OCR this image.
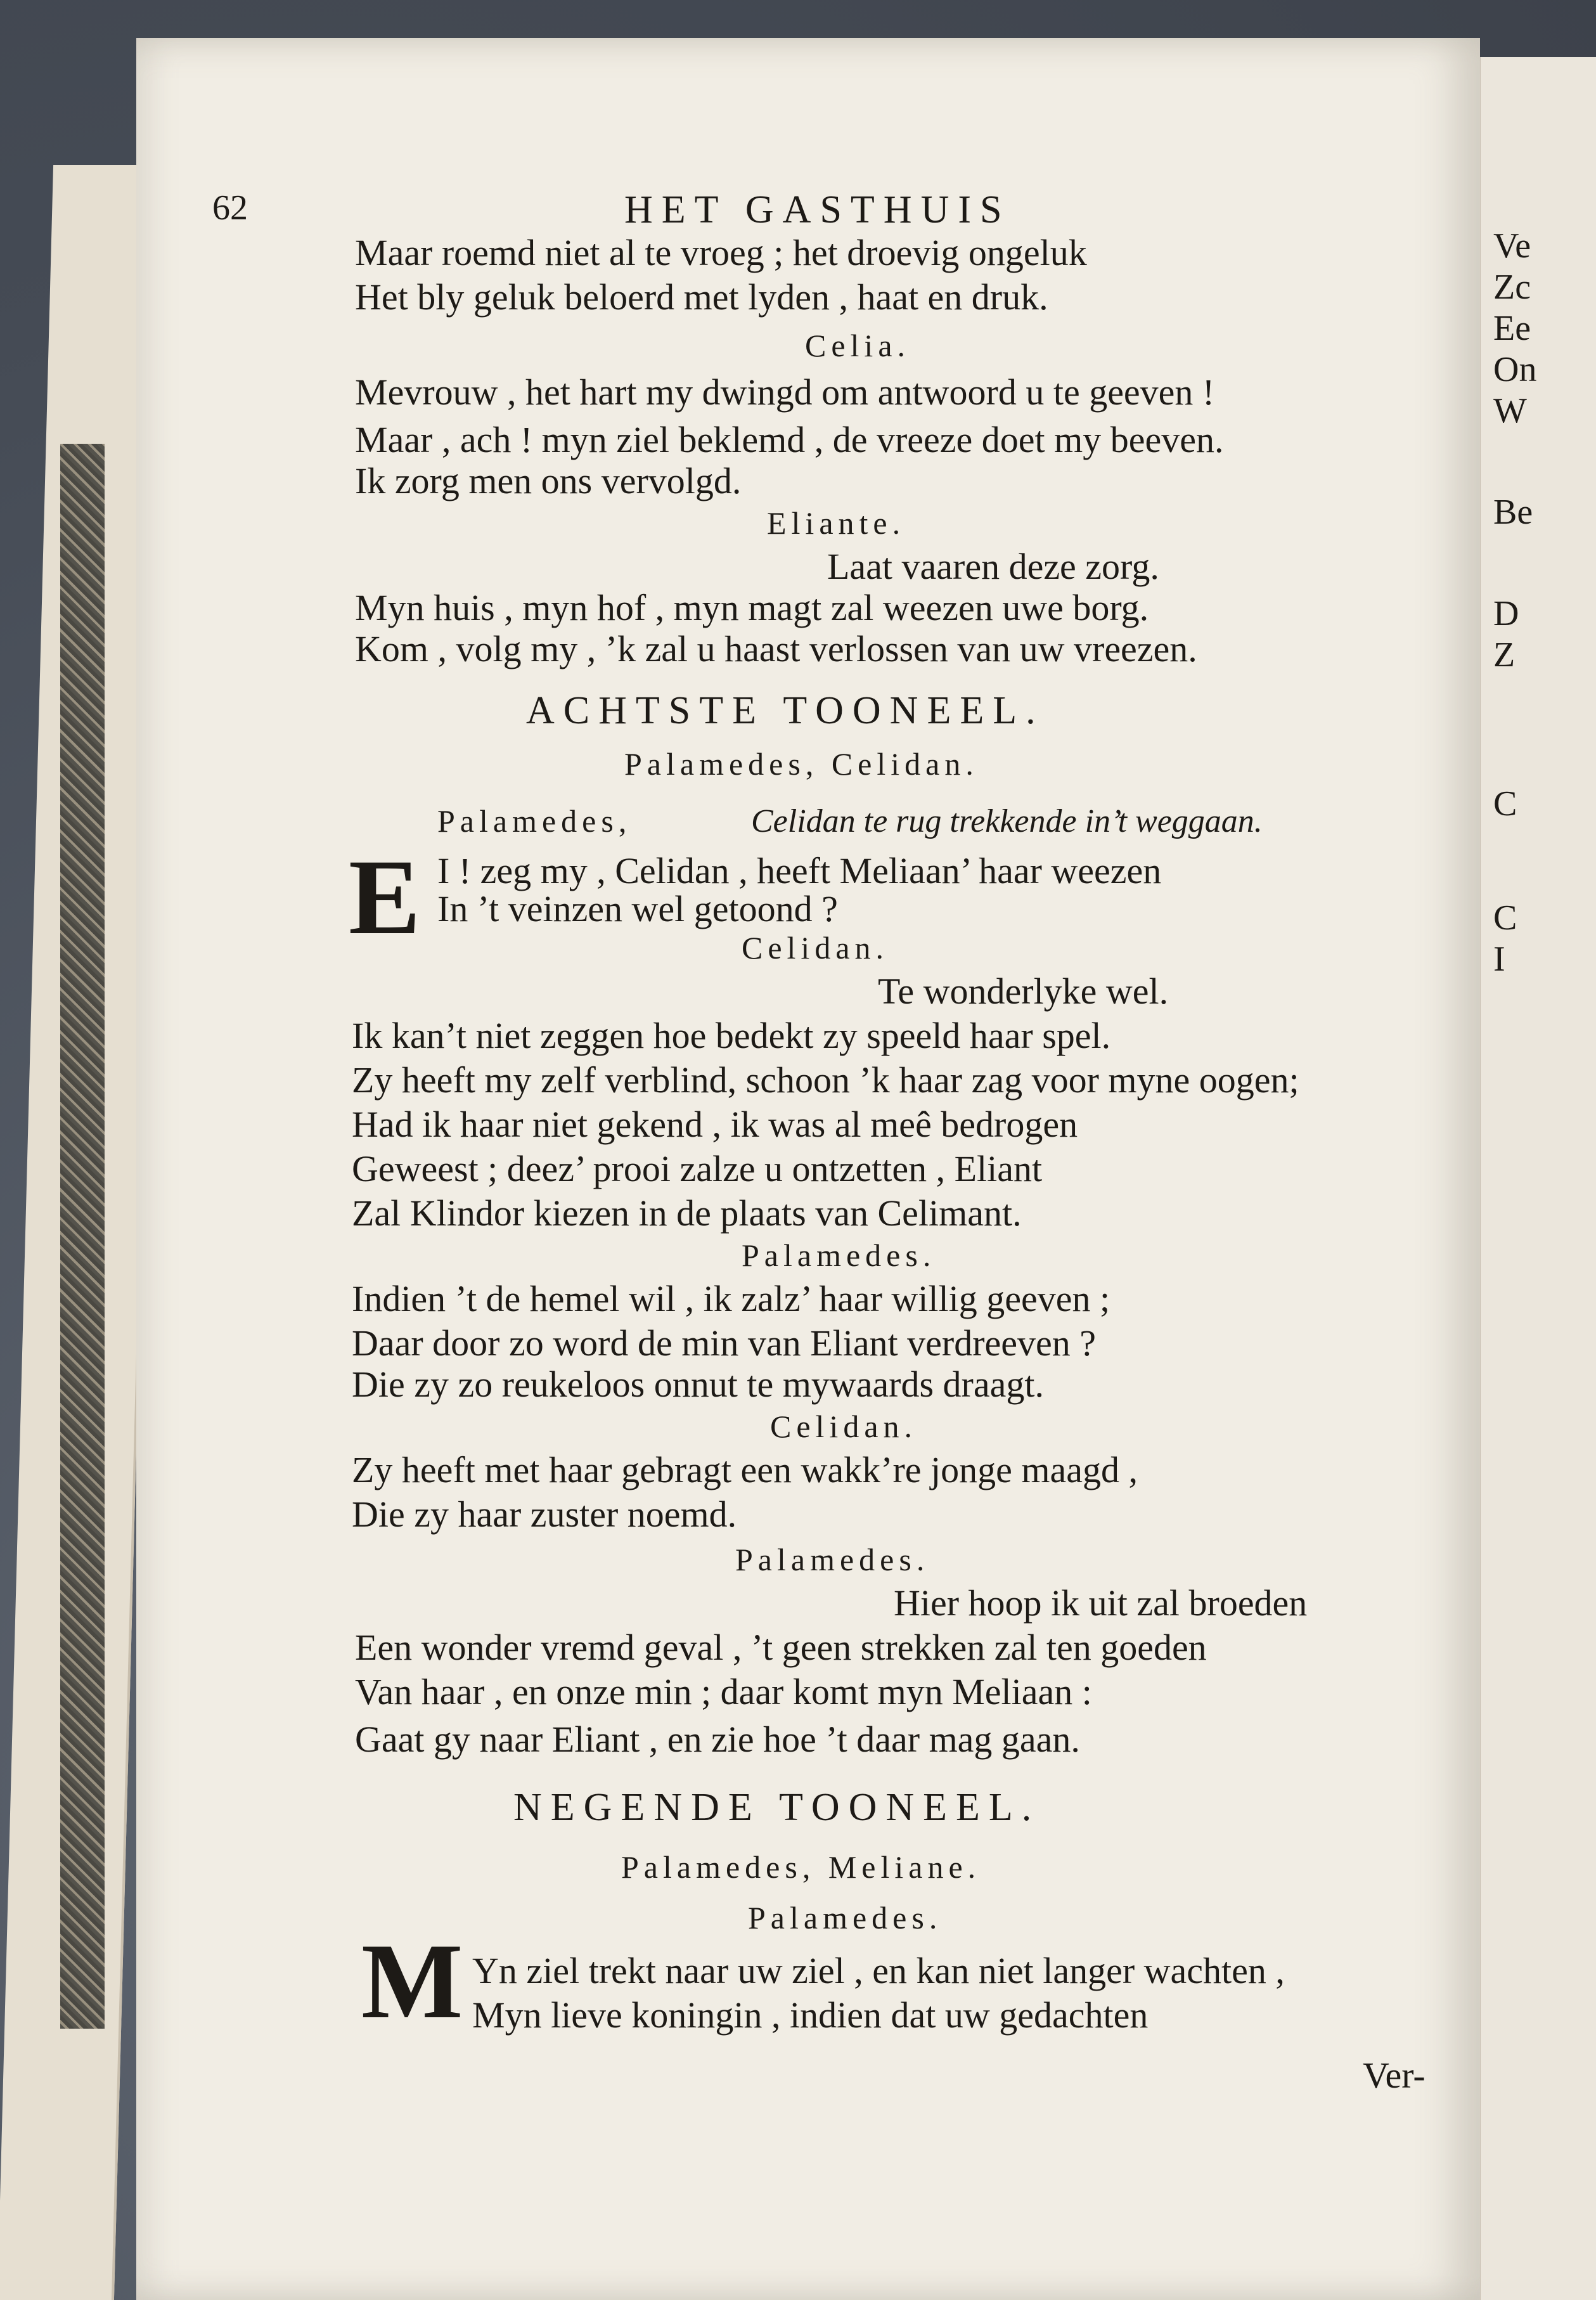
Ve
Zc
Ee
On
W
Be
D
Z
C
C
I
62	HET GASTHUIS
Maar roemd niet al te vroeg ; het droevig ongeluk
Het bly geluk beloerd met lyden , haat en druk.
Celia.
Mevrouw , het hart my dwingd om antwoord u te geeven !
Maar , ach ! myn ziel beklemd , de vreeze doet my beeven.
Ik zorg men ons vervolgd.
Eliante.
Laat vaaren deze zorg.
Myn huis , myn hof , myn magt zal weezen uwe borg.
Kom , volg my , ’k zal u haast verlossen van uw vreezen.
ACHTSTE TOONEEL.
Palamedes, Celidan.
Palamedes,	Celidan te rug trekkende in’t weggaan.
E I ! zeg my , Celidan , heeft Meliaan’ haar weezen
In ’t veinzen wel getoond ?
Celidan.
Te wonderlyke wel.
Ik kan’t niet zeggen hoe bedekt zy speeld haar spel.
Zy heeft my zelf verblind, schoon ’k haar zag voor myne oogen;
Had ik haar niet gekend , ik was al meê bedrogen
Geweest ; deez’ prooi zalze u ontzetten , Eliant
Zal Klindor kiezen in de plaats van Celimant.
Palamedes.
Indien ’t de hemel wil , ik zalz’ haar willig geeven ;
Daar door zo word de min van Eliant verdreeven ?
Die zy zo reukeloos onnut te mywaards draagt.
Celidan.
Zy heeft met haar gebragt een wakk’re jonge maagd ,
Die zy haar zuster noemd.
Palamedes.
Hier hoop ik uit zal broeden
Een wonder vremd geval , ’t geen strekken zal ten goeden
Van haar , en onze min ; daar komt myn Meliaan :
Gaat gy naar Eliant , en zie hoe ’t daar mag gaan.
NEGENDE TOONEEL.
Palamedes, Meliane.
Palamedes.
M Yn ziel trekt naar uw ziel , en kan niet langer wachten ,
Myn lieve koningin , indien dat uw gedachten
Ver-
